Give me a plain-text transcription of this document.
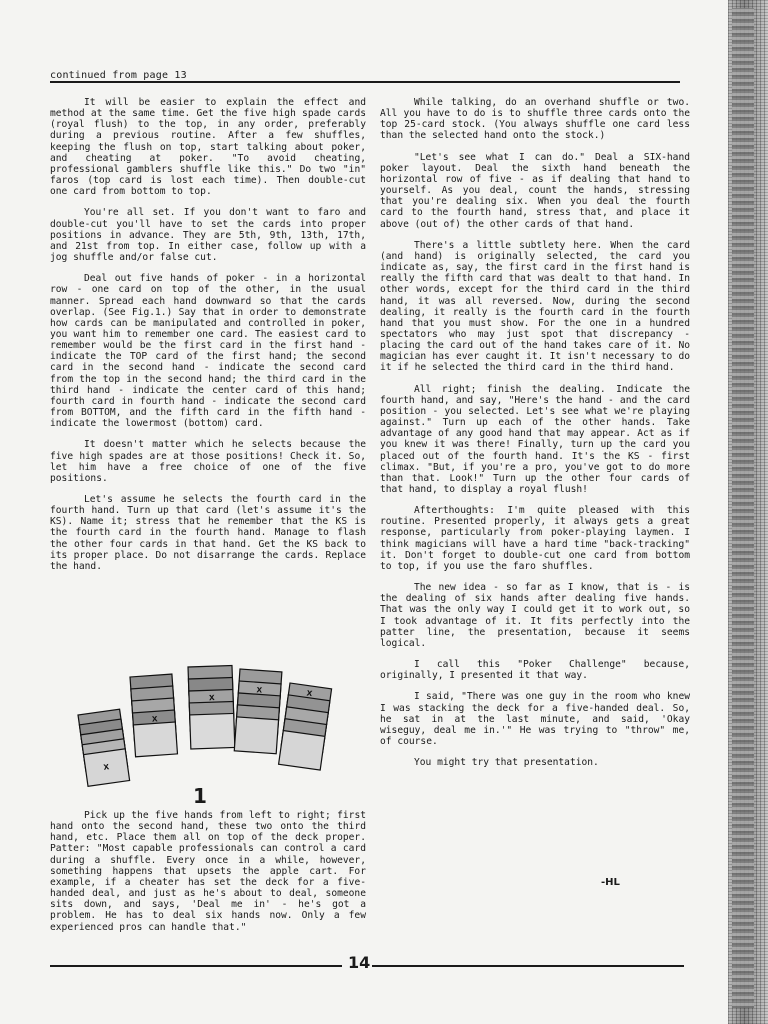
continued from page 13

It will be easier to explain the effect and method at the same time. Get the five high spade cards (royal flush) to the top, in any order, preferably during a previous routine. After a few shuffles, keeping the flush on top, start talking about poker, and cheating at poker. "To avoid cheating, professional gamblers shuffle like this." Do two "in" faros (top card is lost each time). Then double-cut one card from bottom to top.

You're all set. If you don't want to faro and double-cut you'll have to set the cards into proper positions in advance. They are 5th, 9th, 13th, 17th, and 21st from top. In either case, follow up with a jog shuffle and/or false cut.

Deal out five hands of poker - in a horizontal row - one card on top of the other, in the usual manner. Spread each hand downward so that the cards overlap. (See Fig.1.) Say that in order to demonstrate how cards can be manipulated and controlled in poker, you want him to remember one card. The easiest card to remember would be the first card in the first hand - indicate the TOP card of the first hand; the second card in the second hand - indicate the second card from the top in the second hand; the third card in the third hand - indicate the center card of this hand; fourth card in fourth hand - indicate the second card from BOTTOM, and the fifth card in the fifth hand - indicate the lowermost (bottom) card.

It doesn't matter which he selects because the five high spades are at those positions! Check it. So, let him have a free choice of one of the five positions.

Let's assume he selects the fourth card in the fourth hand. Turn up that card (let's assume it's the KS). Name it; stress that he remember that the KS is the fourth card in the fourth hand. Manage to flash the other four cards in that hand. Get the KS back to its proper place. Do not disarrange the cards. Replace the hand.

x
x
x
x	x
1

Pick up the five hands from left to right; first hand onto the second hand, these two onto the third hand, etc. Place them all on top of the deck proper. Patter: "Most capable professionals can control a card during a shuffle. Every once in a while, however, something happens that upsets the apple cart. For example, if a cheater has set the deck for a five-handed deal, and just as he's about to deal, someone sits down, and says, 'Deal me in' - he's got a problem. He has to deal six hands now. Only a few experienced pros can handle that."

While talking, do an overhand shuffle or two. All you have to do is to shuffle three cards onto the top 25-card stock. (You always shuffle one card less than the selected hand onto the stock.)

"Let's see what I can do." Deal a SIX-hand poker layout. Deal the sixth hand beneath the horizontal row of five - as if dealing that hand to yourself. As you deal, count the hands, stressing that you're dealing six. When you deal the fourth card to the fourth hand, stress that, and place it above (out of) the other cards of that hand.

There's a little subtlety here. When the card (and hand) is originally selected, the card you indicate as, say, the first card in the first hand is really the fifth card that was dealt to that hand. In other words, except for the third card in the third hand, it was all reversed. Now, during the second dealing, it really is the fourth card in the fourth hand that you must show. For the one in a hundred spectators who may just spot that discrepancy - placing the card out of the hand takes care of it. No magician has ever caught it. It isn't necessary to do it if he selected the third card in the third hand.

All right; finish the dealing. Indicate the fourth hand, and say, "Here's the hand - and the card position - you selected. Let's see what we're playing against." Turn up each of the other hands. Take advantage of any good hand that may appear. Act as if you knew it was there! Finally, turn up the card you placed out of the fourth hand. It's the KS - first climax. "But, if you're a pro, you've got to do more than that. Look!" Turn up the other four cards of that hand, to display a royal flush!

Afterthoughts: I'm quite pleased with this routine. Presented properly, it always gets a great response, particularly from poker-playing laymen. I think magicians will have a hard time "back-tracking" it. Don't forget to double-cut one card from bottom to top, if you use the faro shuffles.

The new idea - so far as I know, that is - is the dealing of six hands after dealing five hands. That was the only way I could get it to work out, so I took advantage of it. It fits perfectly into the patter line, the presentation, because it seems logical.

I call this "Poker Challenge" because, originally, I presented it that way.

I said, "There was one guy in the room who knew I was stacking the deck for a five-handed deal. So, he sat in at the last minute, and said, 'Okay wiseguy, deal me in.'" He was trying to "throw" me, of course.

You might try that presentation.

-HL
14
